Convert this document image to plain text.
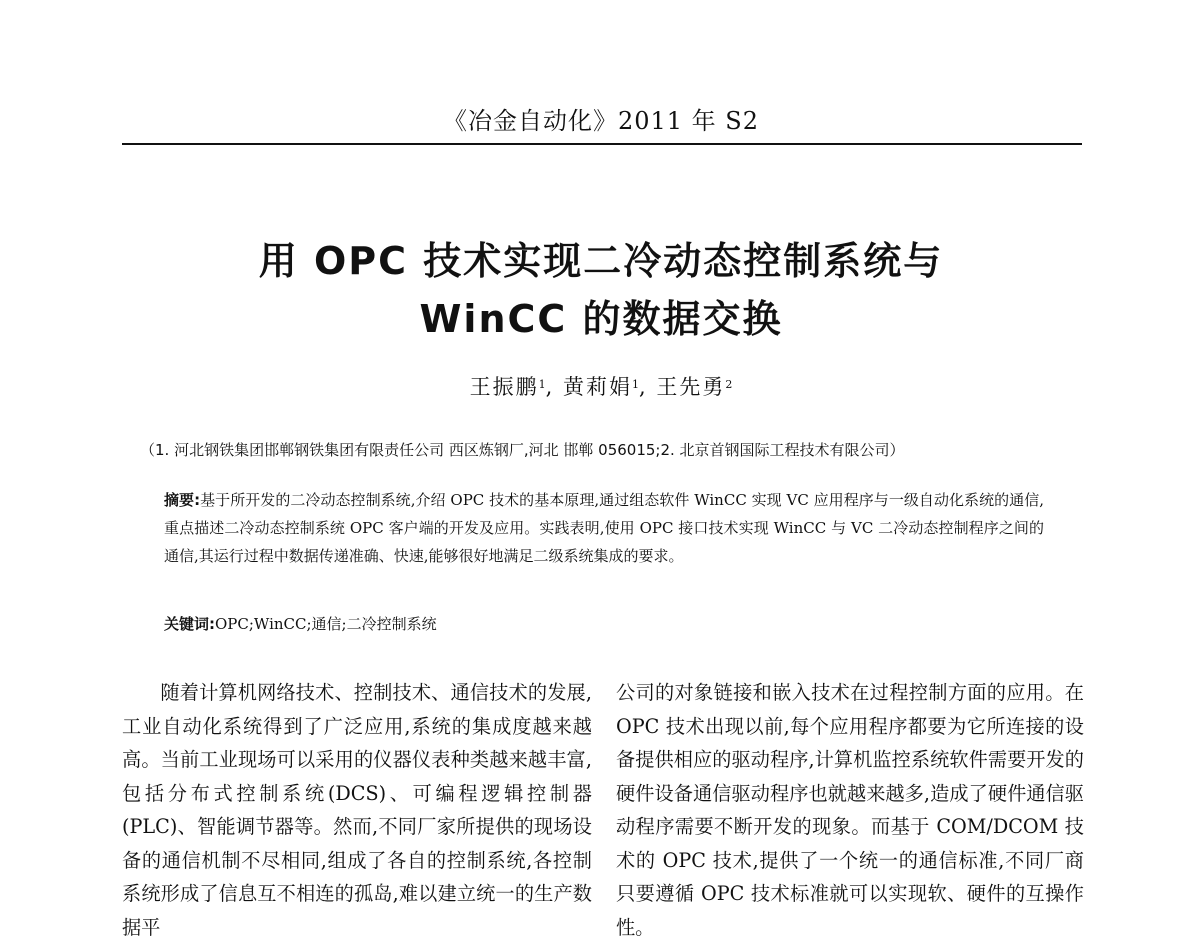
《冶金自动化》2011 年 S2
用 OPC 技术实现二冷动态控制系统与
WinCC 的数据交换
王振鹏$^1$, 黄莉娟$^1$, 王先勇$^2$
（1. 河北钢铁集团邯郸钢铁集团有限责任公司 西区炼钢厂,河北 邯郸 056015;2. 北京首钢国际工程技术有限公司）
摘要:基于所开发的二冷动态控制系统,介绍 OPC 技术的基本原理,通过组态软件 WinCC 实现 VC 应用程序与一级自动化系统的通信,重点描述二冷动态控制系统 OPC 客户端的开发及应用。实践表明,使用 OPC 接口技术实现 WinCC 与 VC 二冷动态控制程序之间的通信,其运行过程中数据传递准确、快速,能够很好地满足二级系统集成的要求。
关键词:OPC;WinCC;通信;二冷控制系统

随着计算机网络技术、控制技术、通信技术的发展,工业自动化系统得到了广泛应用,系统的集成度越来越高。当前工业现场可以采用的仪器仪表种类越来越丰富,包括分布式控制系统(DCS)、可编程逻辑控制器(PLC)、智能调节器等。然而,不同厂家所提供的现场设备的通信机制不尽相同,组成了各自的控制系统,各控制系统形成了信息互不相连的孤岛,难以建立统一的生产数据平

公司的对象链接和嵌入技术在过程控制方面的应用。在 OPC 技术出现以前,每个应用程序都要为它所连接的设备提供相应的驱动程序,计算机监控系统软件需要开发的硬件设备通信驱动程序也就越来越多,造成了硬件通信驱动程序需要不断开发的现象。而基于 COM/DCOM 技术的 OPC 技术,提供了一个统一的通信标准,不同厂商只要遵循 OPC 技术标准就可以实现软、硬件的互操作性。
